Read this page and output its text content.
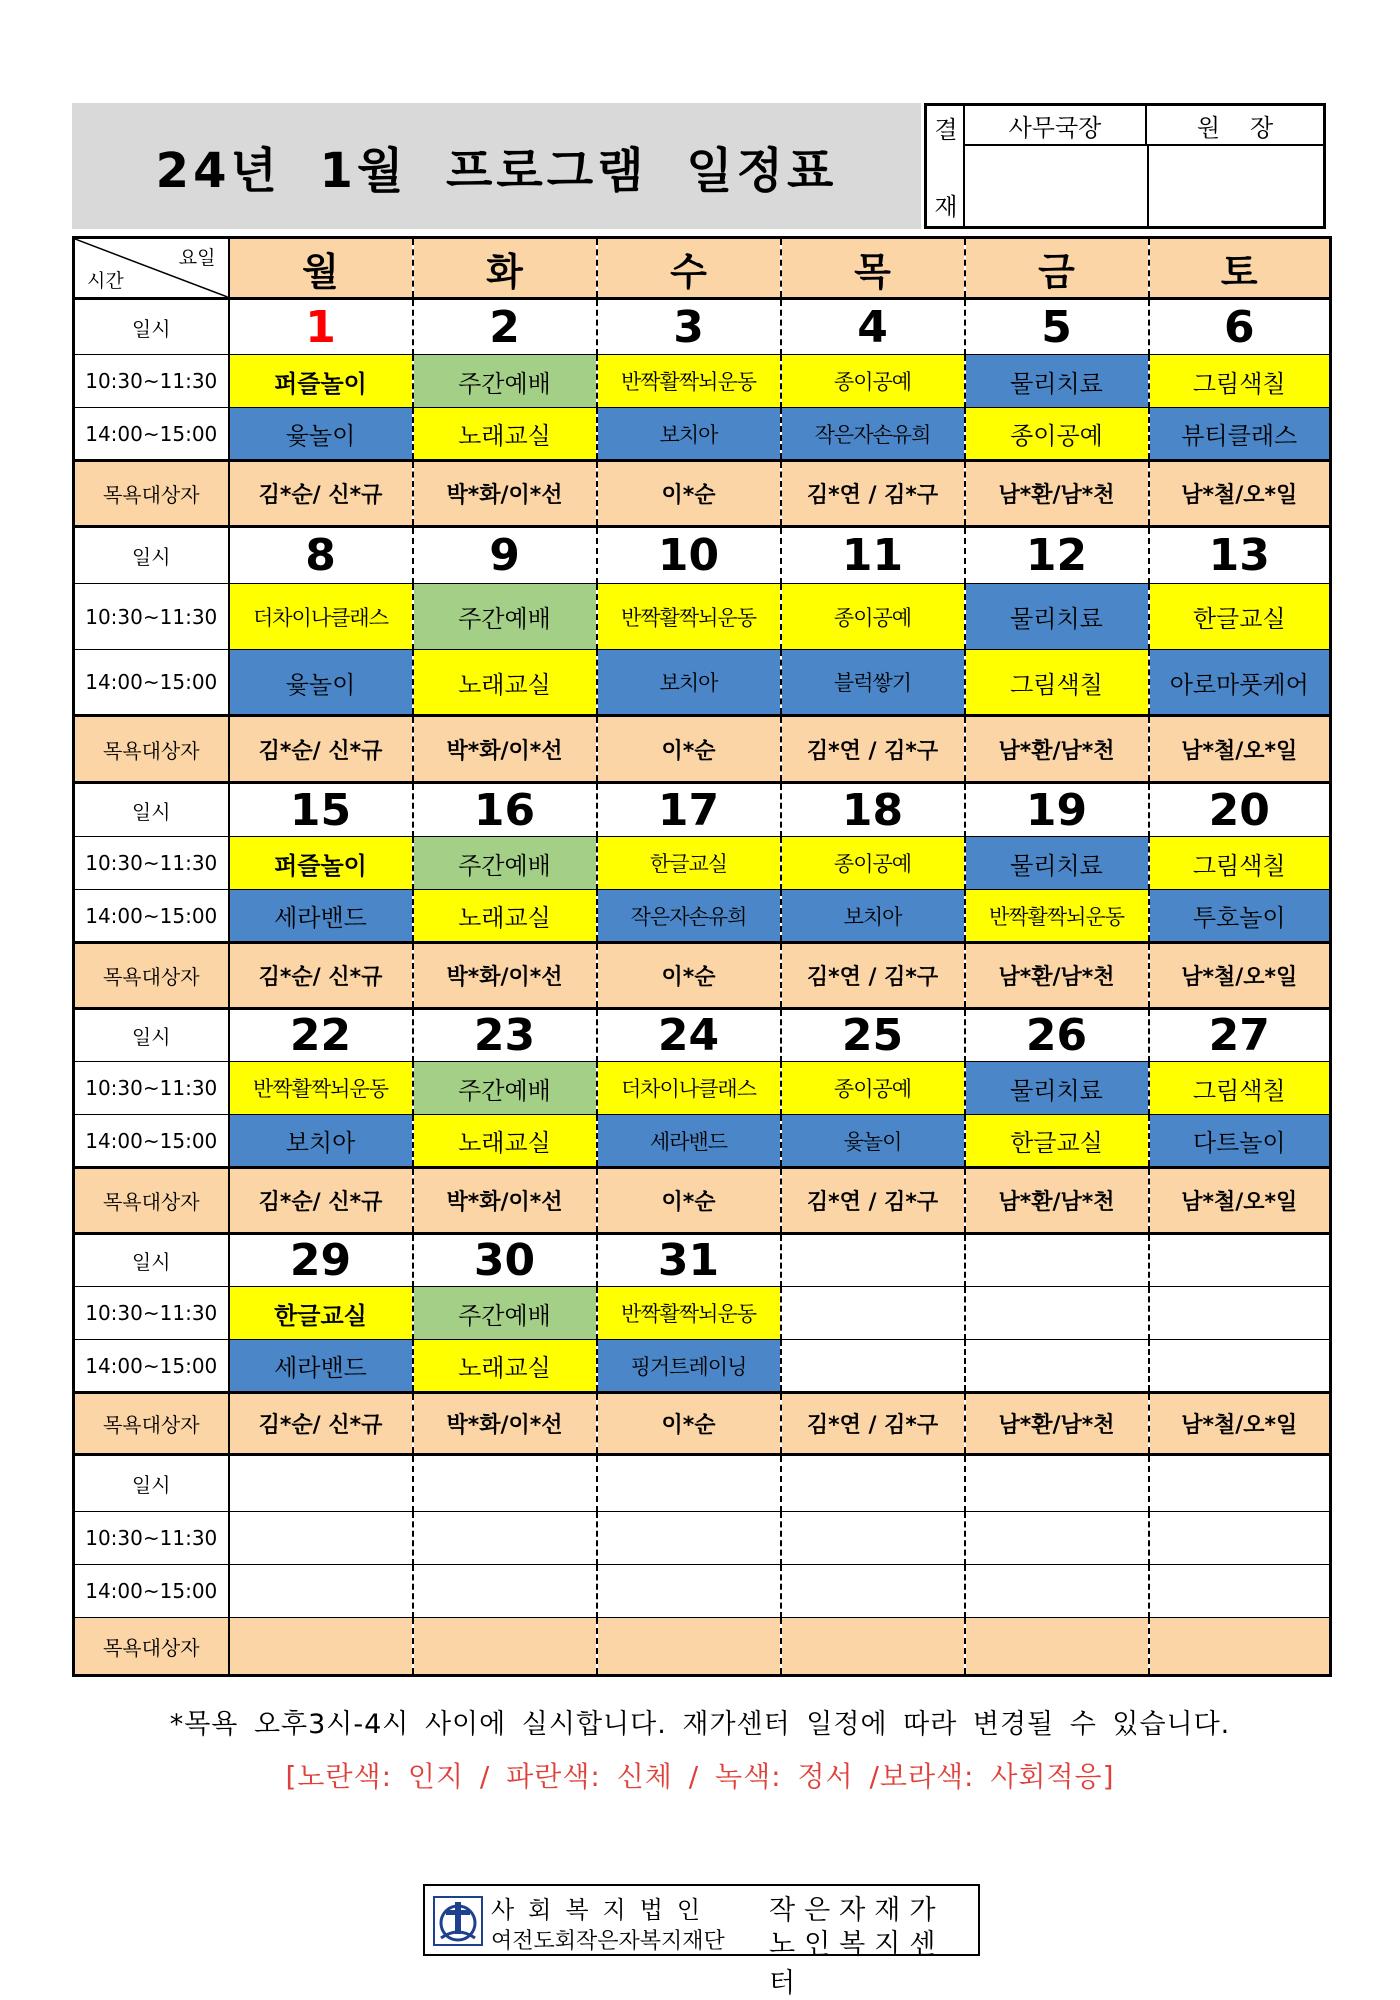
24년 1월 프로그램 일정표
결
재
사무국장	원장
요일
시간	월	화	수	목	금	토
일시	1	2	3	4	5	6
10:30~11:30	퍼즐놀이	주간예배	반짝활짝뇌운동	종이공예	물리치료	그림색칠
14:00~15:00	윷놀이	노래교실	보치아	작은자손유희	종이공예	뷰티클래스
목욕대상자	김*순/ 신*규	박*화/이*선	이*순	김*연 / 김*구	남*환/남*천	남*철/오*일
일시	8	9	10	11	12	13
10:30~11:30	더차이나클래스	주간예배	반짝활짝뇌운동	종이공예	물리치료	한글교실
14:00~15:00	윷놀이	노래교실	보치아	블럭쌓기	그림색칠	아로마풋케어
목욕대상자	김*순/ 신*규	박*화/이*선	이*순	김*연 / 김*구	남*환/남*천	남*철/오*일
일시	15	16	17	18	19	20
10:30~11:30	퍼즐놀이	주간예배	한글교실	종이공예	물리치료	그림색칠
14:00~15:00	세라밴드	노래교실	작은자손유희	보치아	반짝활짝뇌운동	투호놀이
목욕대상자	김*순/ 신*규	박*화/이*선	이*순	김*연 / 김*구	남*환/남*천	남*철/오*일
일시	22	23	24	25	26	27
10:30~11:30	반짝활짝뇌운동	주간예배	더차이나클래스	종이공예	물리치료	그림색칠
14:00~15:00	보치아	노래교실	세라밴드	윷놀이	한글교실	다트놀이
목욕대상자	김*순/ 신*규	박*화/이*선	이*순	김*연 / 김*구	남*환/남*천	남*철/오*일
일시	29	30	31			
10:30~11:30	한글교실	주간예배	반짝활짝뇌운동			
14:00~15:00	세라밴드	노래교실	핑거트레이닝			
목욕대상자	김*순/ 신*규	박*화/이*선	이*순	김*연 / 김*구	남*환/남*천	남*철/오*일
일시						
10:30~11:30						
14:00~15:00						
목욕대상자						
*목욕 오후3시-4시 사이에 실시합니다. 재가센터 일정에 따라 변경될 수 있습니다.
[노란색: 인지 / 파란색: 신체 / 녹색: 정서 /보라색: 사회적응]
사회복지법인
여전도회작은자복지재단
작은자재가
노인복지센터
